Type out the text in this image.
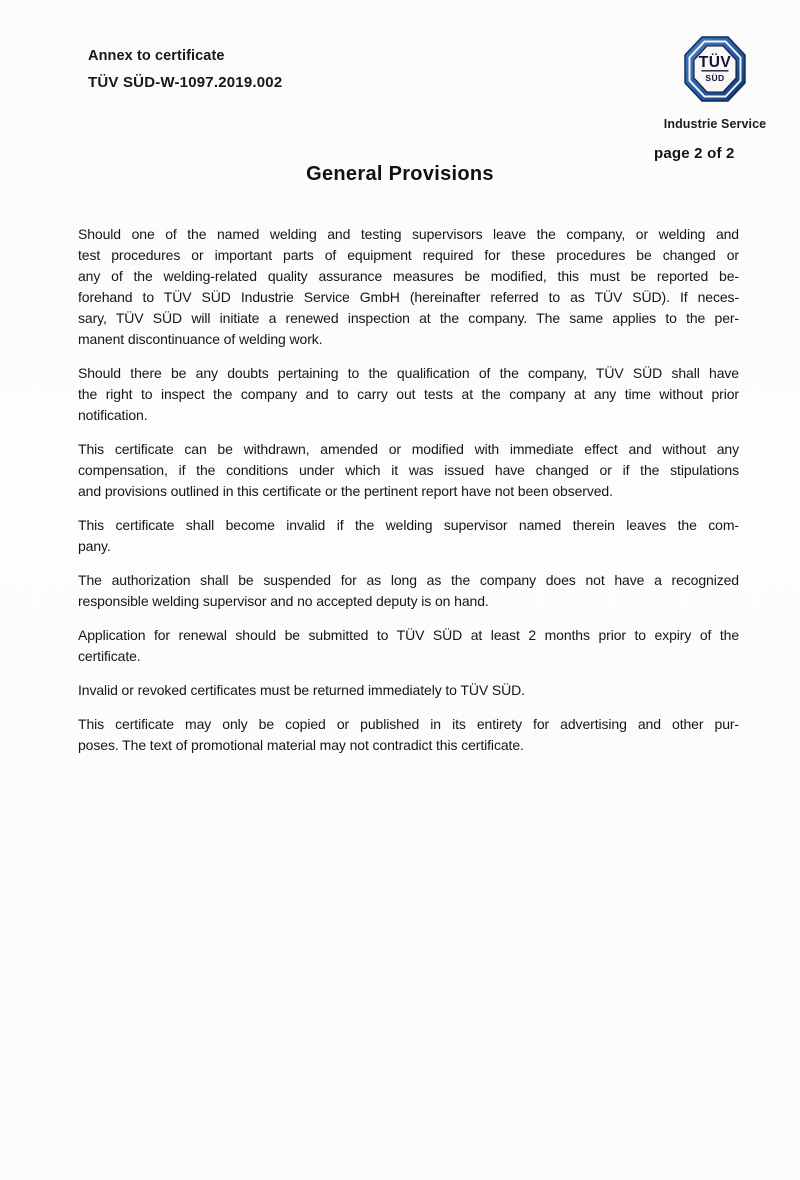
Annex to certificate
TÜV SÜD-W-1097.2019.002
TÜV
SÜD
Industrie Service
page 2 of 2
General Provisions
Should one of the named welding and testing supervisors leave the company, or welding and
test procedures or important parts of equipment required for these procedures be changed or
any of the welding-related quality assurance measures be modified, this must be reported be-
forehand to TÜV SÜD Industrie Service GmbH (hereinafter referred to as TÜV SÜD). If neces-
sary, TÜV SÜD will initiate a renewed inspection at the company. The same applies to the per-
manent discontinuance of welding work.
Should there be any doubts pertaining to the qualification of the company, TÜV SÜD shall have
the right to inspect the company and to carry out tests at the company at any time without prior
notification.
This certificate can be withdrawn, amended or modified with immediate effect and without any
compensation, if the conditions under which it was issued have changed or if the stipulations
and provisions outlined in this certificate or the pertinent report have not been observed.
This certificate shall become invalid if the welding supervisor named therein leaves the com-
pany.
The authorization shall be suspended for as long as the company does not have a recognized
responsible welding supervisor and no accepted deputy is on hand.
Application for renewal should be submitted to TÜV SÜD at least 2 months prior to expiry of the
certificate.
Invalid or revoked certificates must be returned immediately to TÜV SÜD.
This certificate may only be copied or published in its entirety for advertising and other pur-
poses. The text of promotional material may not contradict this certificate.
